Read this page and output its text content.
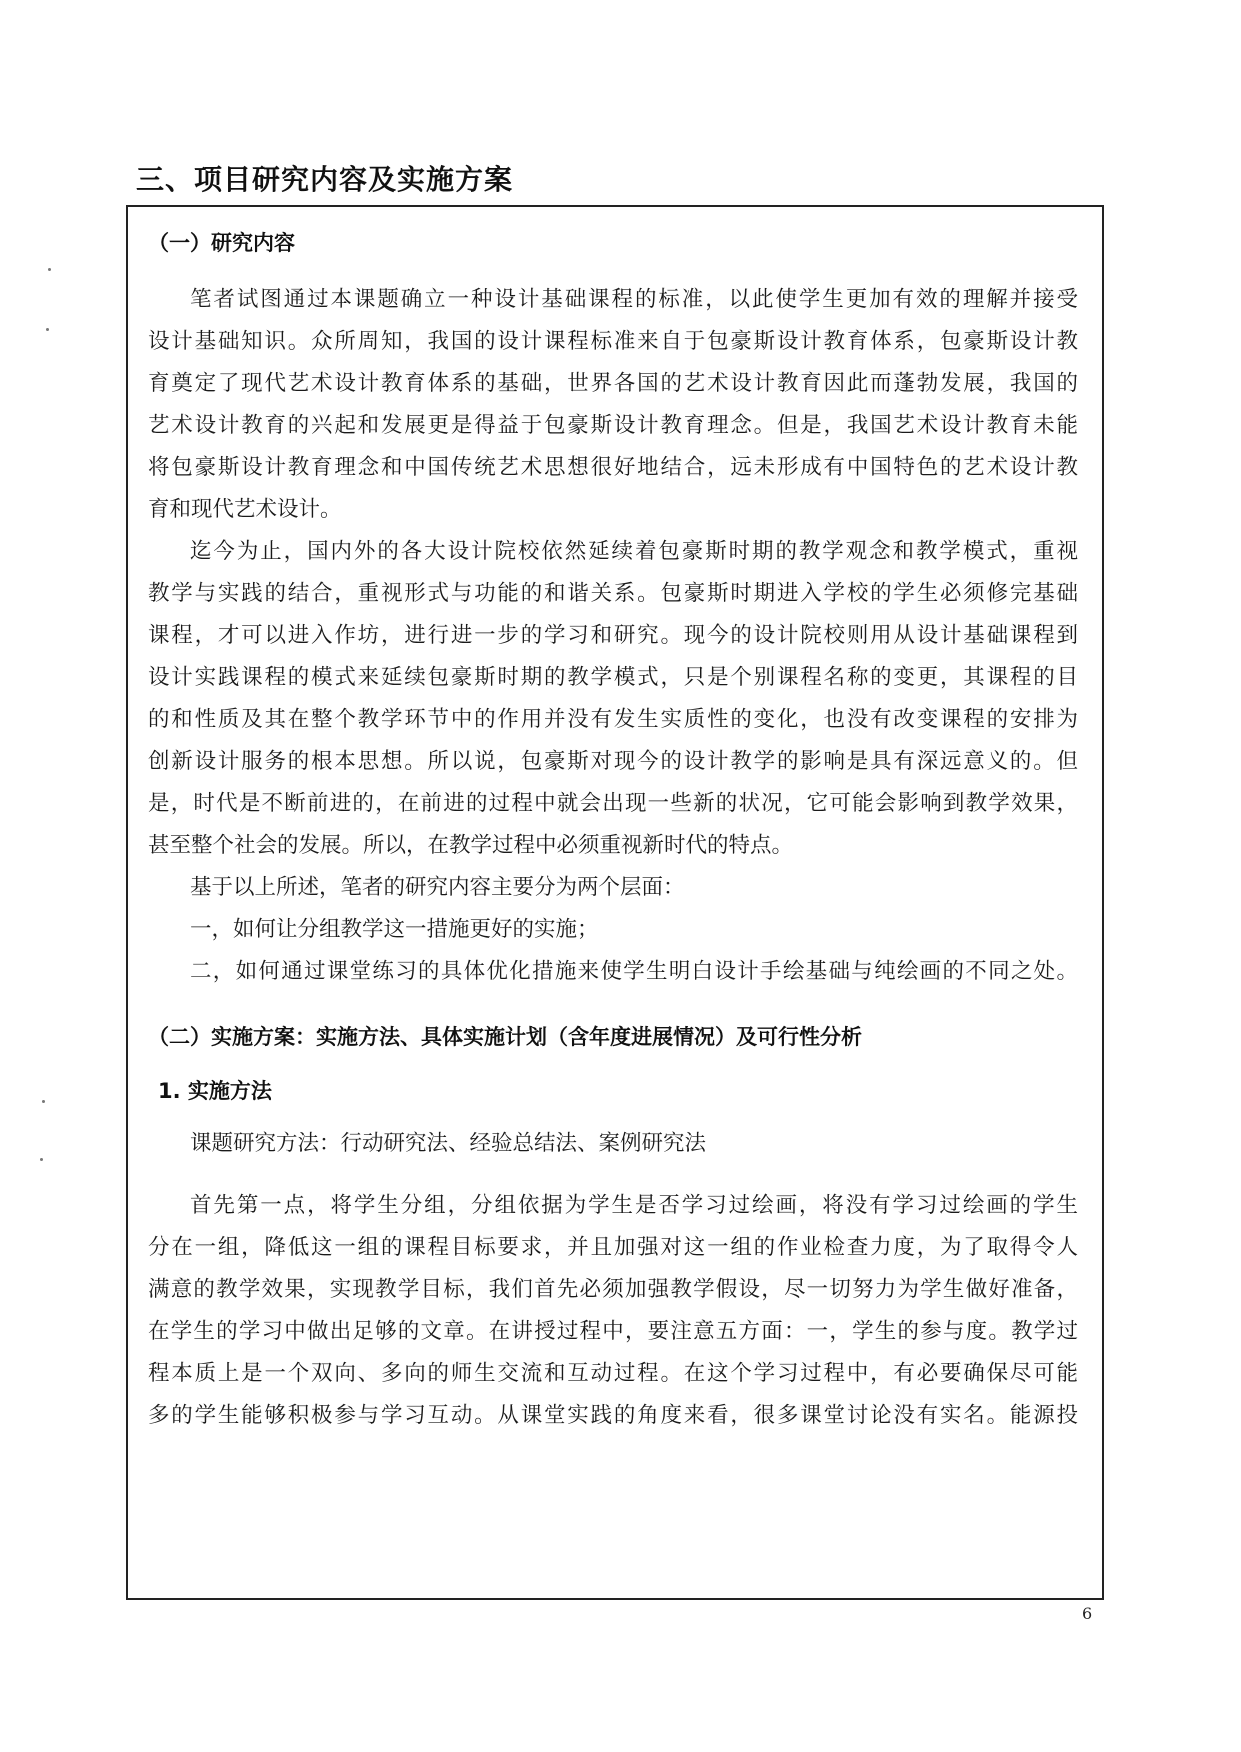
三、项目研究内容及实施方案
（一）研究内容
笔者试图通过本课题确立一种设计基础课程的标准，以此使学生更加有效的理解并接受
设计基础知识。众所周知，我国的设计课程标准来自于包豪斯设计教育体系，包豪斯设计教
育奠定了现代艺术设计教育体系的基础，世界各国的艺术设计教育因此而蓬勃发展，我国的
艺术设计教育的兴起和发展更是得益于包豪斯设计教育理念。但是，我国艺术设计教育未能
将包豪斯设计教育理念和中国传统艺术思想很好地结合，远未形成有中国特色的艺术设计教
育和现代艺术设计。
迄今为止，国内外的各大设计院校依然延续着包豪斯时期的教学观念和教学模式，重视
教学与实践的结合，重视形式与功能的和谐关系。包豪斯时期进入学校的学生必须修完基础
课程，才可以进入作坊，进行进一步的学习和研究。现今的设计院校则用从设计基础课程到
设计实践课程的模式来延续包豪斯时期的教学模式，只是个别课程名称的变更，其课程的目
的和性质及其在整个教学环节中的作用并没有发生实质性的变化，也没有改变课程的安排为
创新设计服务的根本思想。所以说，包豪斯对现今的设计教学的影响是具有深远意义的。但
是，时代是不断前进的，在前进的过程中就会出现一些新的状况，它可能会影响到教学效果，
甚至整个社会的发展。所以，在教学过程中必须重视新时代的特点。
基于以上所述，笔者的研究内容主要分为两个层面：
一，如何让分组教学这一措施更好的实施；
二，如何通过课堂练习的具体优化措施来使学生明白设计手绘基础与纯绘画的不同之处。
（二）实施方案：实施方法、具体实施计划（含年度进展情况）及可行性分析
1. 实施方法
课题研究方法：行动研究法、经验总结法、案例研究法
首先第一点，将学生分组，分组依据为学生是否学习过绘画，将没有学习过绘画的学生
分在一组，降低这一组的课程目标要求，并且加强对这一组的作业检查力度，为了取得令人
满意的教学效果，实现教学目标，我们首先必须加强教学假设，尽一切努力为学生做好准备，
在学生的学习中做出足够的文章。在讲授过程中，要注意五方面：一，学生的参与度。教学过
程本质上是一个双向、多向的师生交流和互动过程。在这个学习过程中，有必要确保尽可能
多的学生能够积极参与学习互动。从课堂实践的角度来看，很多课堂讨论没有实名。能源投
6
